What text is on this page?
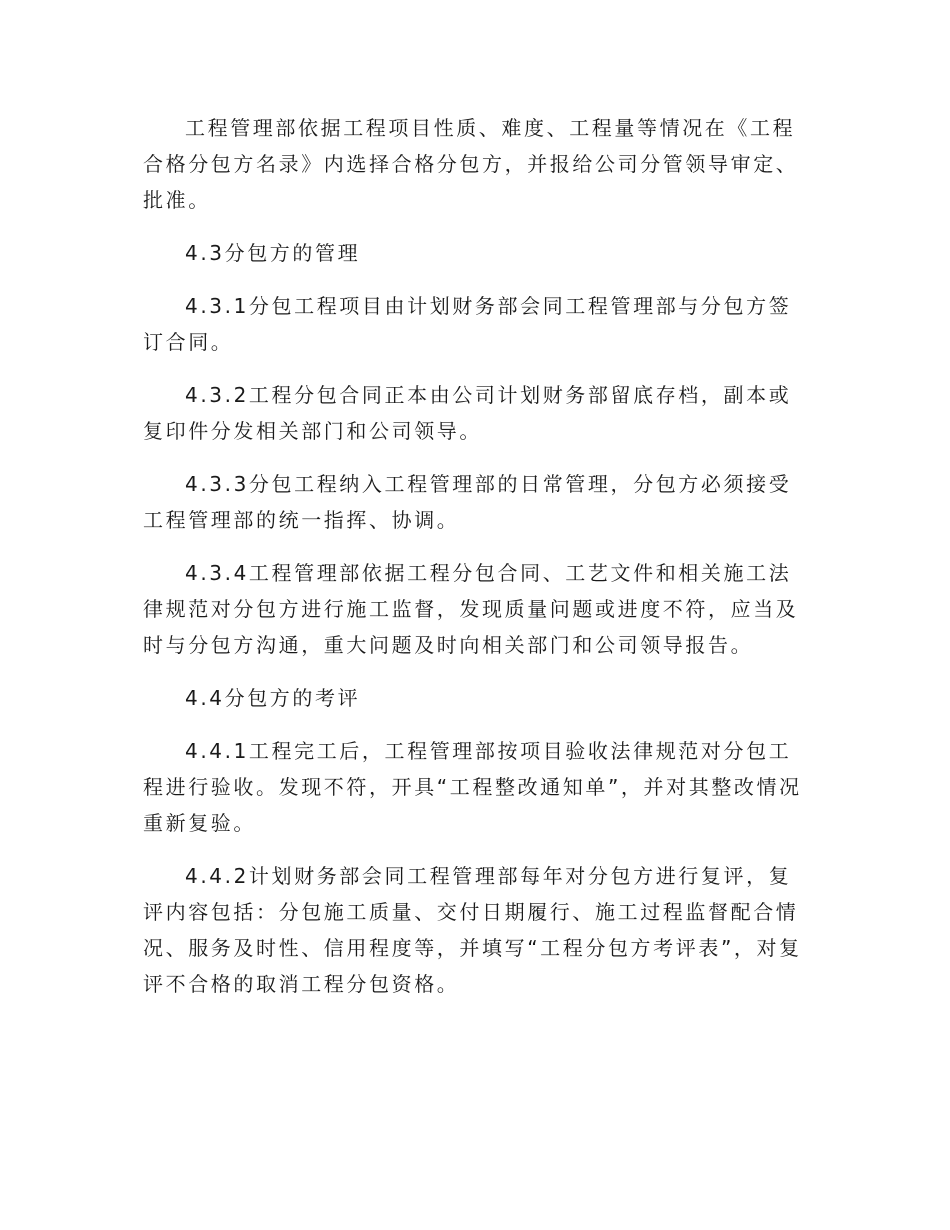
工程管理部依据工程项目性质、难度、工程量等情况在《工程合格分包方名录》内选择合格分包方，并报给公司分管领导审定、批准。

4.3分包方的管理

4.3.1分包工程项目由计划财务部会同工程管理部与分包方签订合同。

4.3.2工程分包合同正本由公司计划财务部留底存档，副本或复印件分发相关部门和公司领导。

4.3.3分包工程纳入工程管理部的日常管理，分包方必须接受工程管理部的统一指挥、协调。

4.3.4工程管理部依据工程分包合同、工艺文件和相关施工法律规范对分包方进行施工监督，发现质量问题或进度不符，应当及时与分包方沟通，重大问题及时向相关部门和公司领导报告。

4.4分包方的考评

4.4.1工程完工后，工程管理部按项目验收法律规范对分包工程进行验收。发现不符，开具“工程整改通知单”，并对其整改情况重新复验。

4.4.2计划财务部会同工程管理部每年对分包方进行复评，复评内容包括：分包施工质量、交付日期履行、施工过程监督配合情况、服务及时性、信用程度等，并填写“工程分包方考评表”，对复评不合格的取消工程分包资格。
